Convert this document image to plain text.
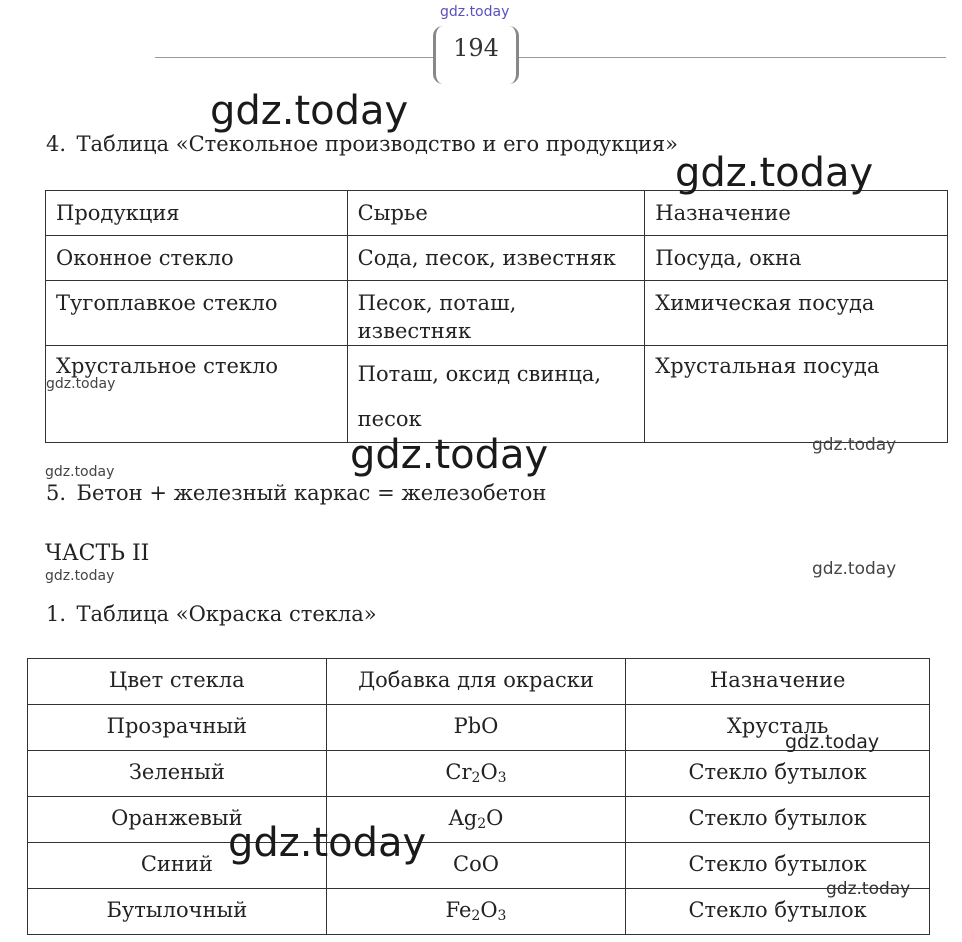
gdz.today
194
4. Таблица «Стекольное производство и его продукция»
Продукция	Сырье	Назначение
Оконное стекло	Сода, песок, известняк	Посуда, окна
Тугоплавкое стекло	Песок, поташ, известняк	Химическая посуда
Хрустальное стекло	Поташ, оксид свинца, песок	Хрустальная посуда
5. Бетон + железный каркас = железобетон
ЧАСТЬ II
1. Таблица «Окраска стекла»
Цвет стекла	Добавка для окраски	Назначение
Прозрачный	PbO	Хрусталь
Зеленый	$Cr_2O_3$	Стекло бутылок
Оранжевый	$Ag_2O$	Стекло бутылок
Синий	CoO	Стекло бутылок
Бутылочный	$Fe_2O_3$	Стекло бутылок
gdz.today
gdz.today
gdz.today
gdz.today
gdz.today
gdz.today
gdz.today
gdz.today	gdz.today
gdz.today
gdz.today
